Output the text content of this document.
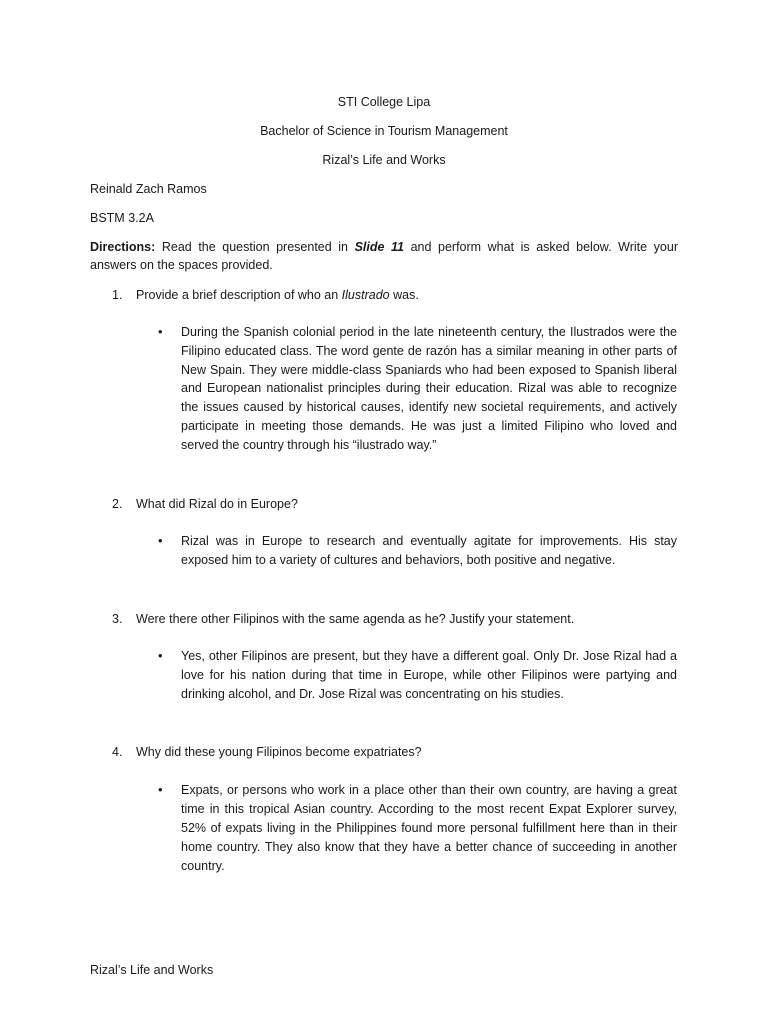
STI College Lipa
Bachelor of Science in Tourism Management
Rizal’s Life and Works
Reinald Zach Ramos
BSTM 3.2A
Directions: Read the question presented in Slide 11 and perform what is asked below. Write your answers on the spaces provided.
1. Provide a brief description of who an Ilustrado was.
• During the Spanish colonial period in the late nineteenth century, the Ilustrados were the Filipino educated class. The word gente de razón has a similar meaning in other parts of New Spain. They were middle-class Spaniards who had been exposed to Spanish liberal and European nationalist principles during their education. Rizal was able to recognize the issues caused by historical causes, identify new societal requirements, and actively participate in meeting those demands. He was just a limited Filipino who loved and served the country through his “ilustrado way.”
2. What did Rizal do in Europe?
• Rizal was in Europe to research and eventually agitate for improvements. His stay exposed him to a variety of cultures and behaviors, both positive and negative.
3. Were there other Filipinos with the same agenda as he? Justify your statement.
• Yes, other Filipinos are present, but they have a different goal. Only Dr. Jose Rizal had a love for his nation during that time in Europe, while other Filipinos were partying and drinking alcohol, and Dr. Jose Rizal was concentrating on his studies.
4. Why did these young Filipinos become expatriates?
• Expats, or persons who work in a place other than their own country, are having a great time in this tropical Asian country. According to the most recent Expat Explorer survey, 52% of expats living in the Philippines found more personal fulfillment here than in their home country. They also know that they have a better chance of succeeding in another country.
Rizal’s Life and Works
